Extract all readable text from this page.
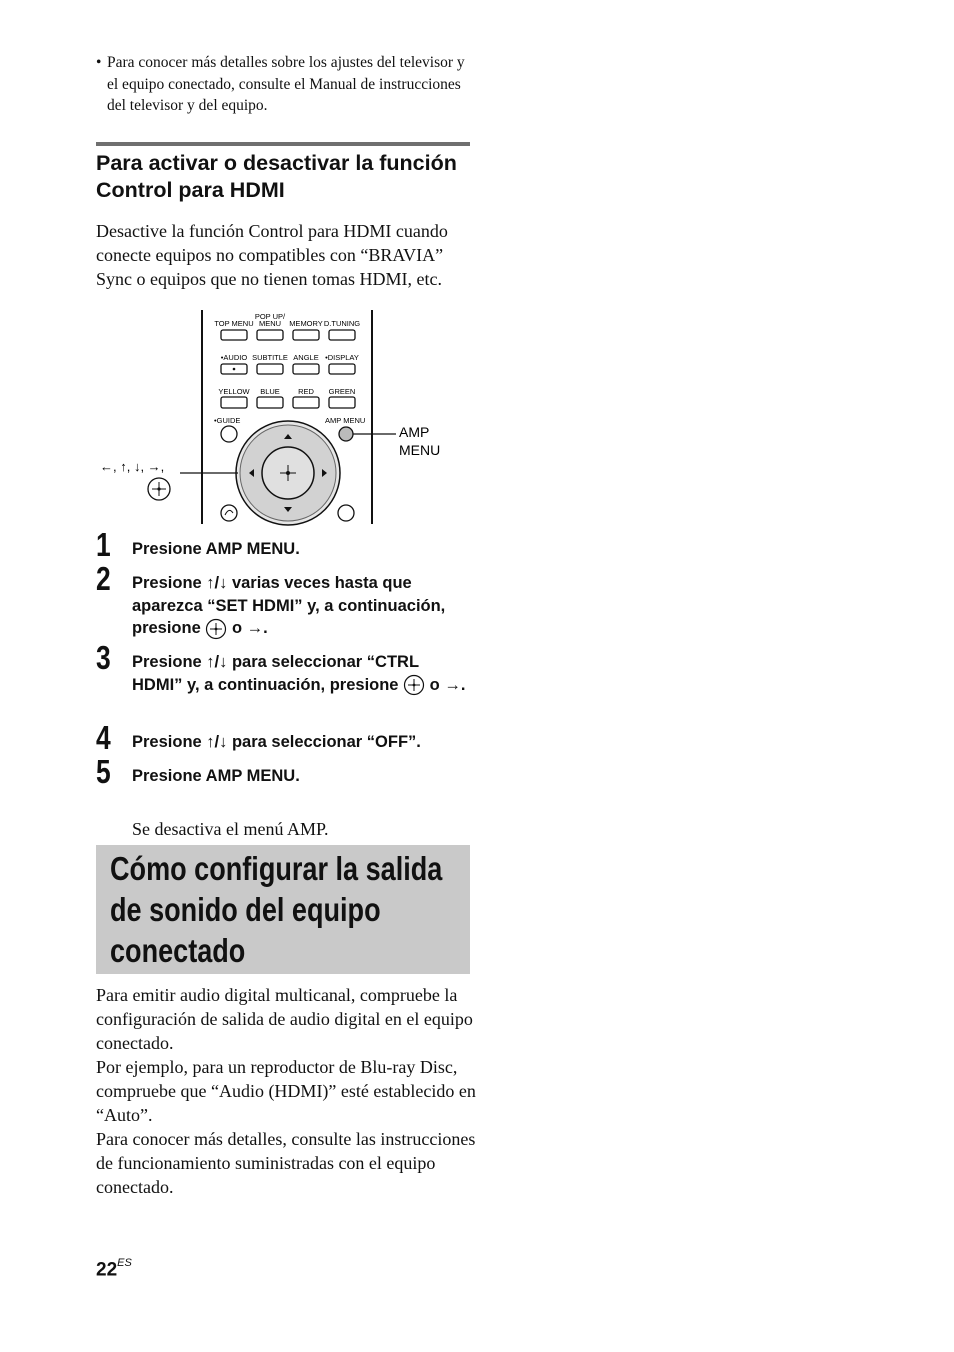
• Para conocer más detalles sobre los ajustes del televisor y el equipo conectado, consulte el Manual de instrucciones del televisor y del equipo.
Para activar o desactivar la función Control para HDMI
Desactive la función Control para HDMI cuando conecte equipos no compatibles con “BRAVIA” Sync o equipos que no tienen tomas HDMI, etc.
TOP MENU
POP UP/
MENU MEMORY D.TUNING
•AUDIO SUBTITLE ANGLE •DISPLAY
YELLOW BLUE RED GREEN
•GUIDE	AMP MENU
AMP
MENU
←, ↑, ↓, →,
1 Presione AMP MENU.
2 Presione ↑/↓ varias veces hasta que aparezca “SET HDMI” y, a continuación, presione o →.
3 Presione ↑/↓ para seleccionar “CTRL HDMI” y, a continuación, presione o →.
4 Presione ↑/↓ para seleccionar “OFF”.
5 Presione AMP MENU.
Se desactiva el menú AMP.
Cómo configurar la salida
de sonido del equipo
conectado

Para emitir audio digital multicanal, compruebe la configuración de salida de audio digital en el equipo conectado.

Por ejemplo, para un reproductor de Blu-ray Disc, compruebe que “Audio (HDMI)” esté establecido en “Auto”.

Para conocer más detalles, consulte las instrucciones de funcionamiento suministradas con el equipo conectado.

$22^{ES}$
